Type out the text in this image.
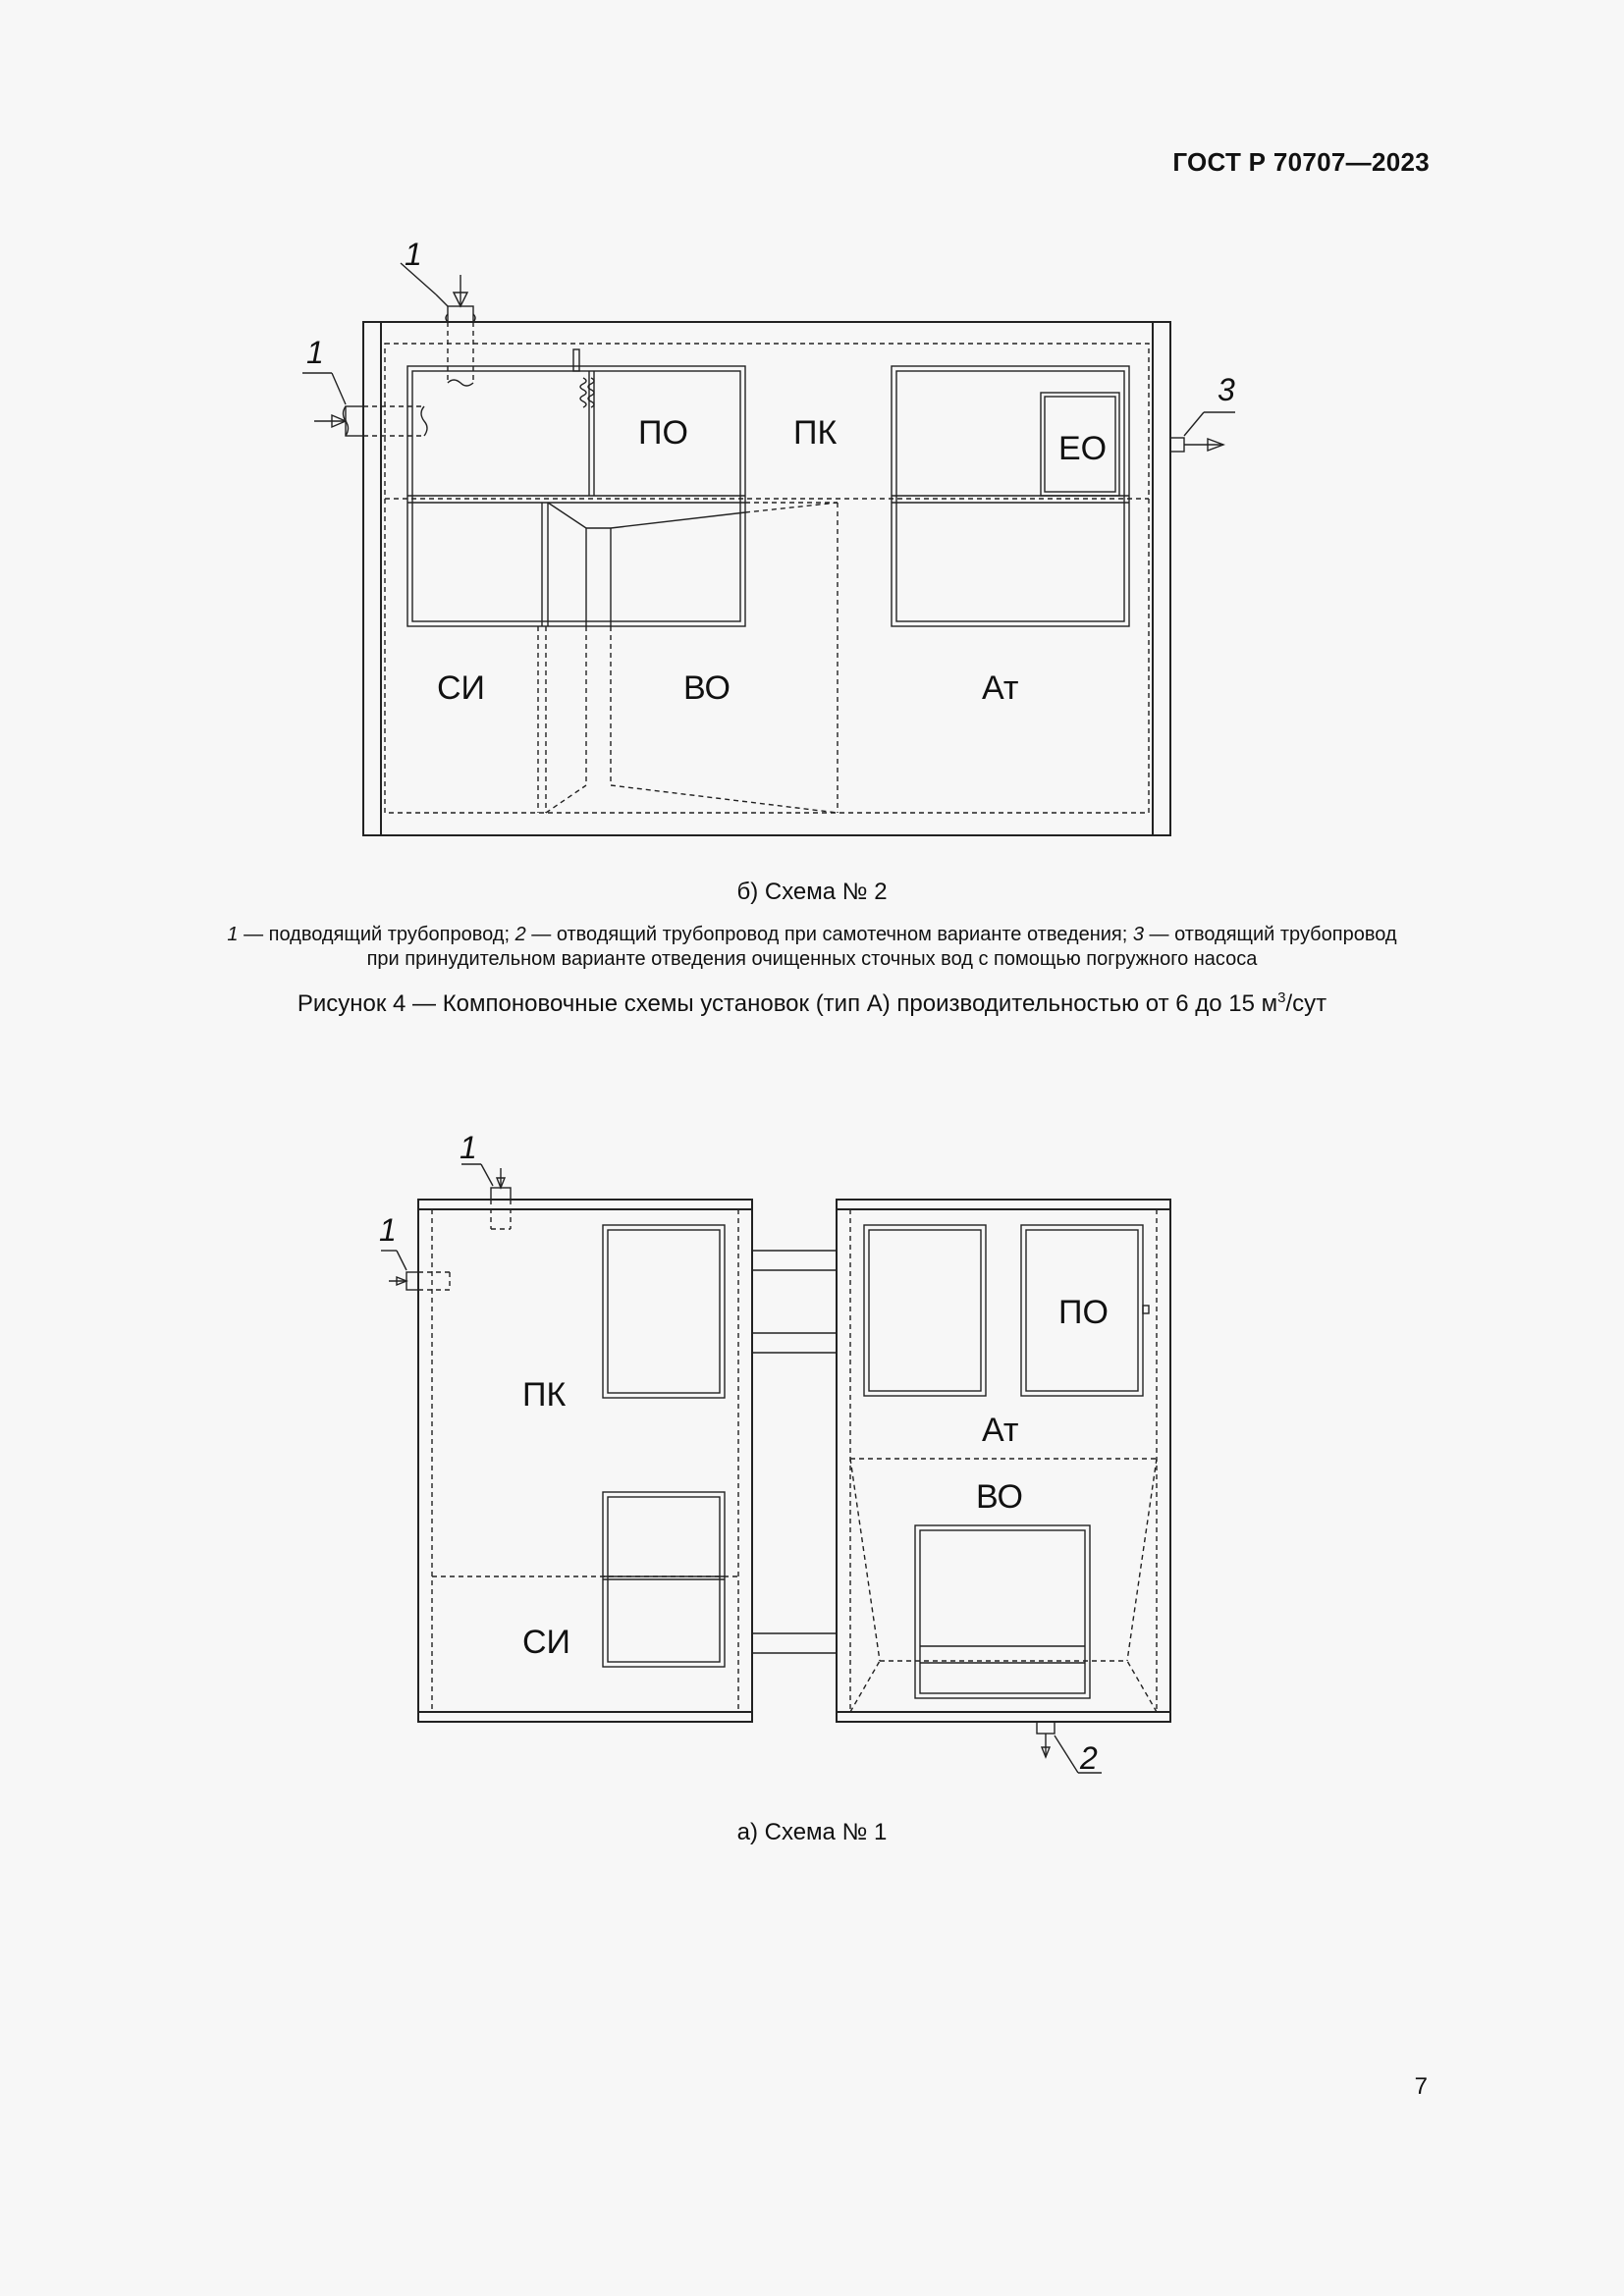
ГОСТ Р 70707—2023
ПО	ПК	ЕО
СИ	ВО	Ат
1
1
3
б) Схема № 2
1 — подводящий трубопровод; 2 — отводящий трубопровод при самотечном варианте отведения; 3 — отводящий трубопровод
при принудительном варианте отведения очищенных сточных вод с помощью погружного насоса
Рисунок 4 — Компоновочные схемы установок (тип А) производительностью от 6 до 15 $м^3$/сут
ПК
СИ
ПО
Ат
ВО
1
1
2
а) Схема № 1
7
